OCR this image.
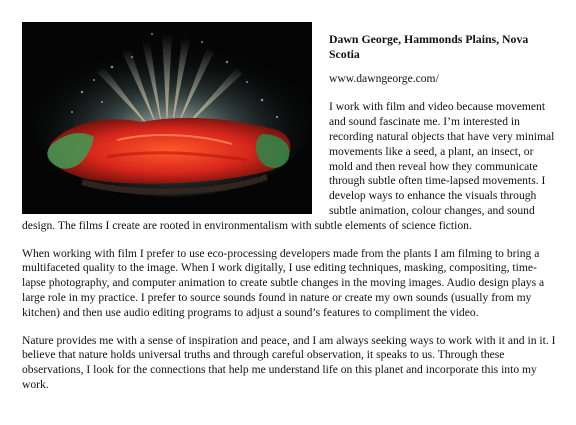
Dawn George, Hammonds Plains, Nova Scotia
www.dawngeorge.com/

I work with film and video because movement and sound fascinate me. I’m interested in recording natural objects that have very minimal movements like a seed, a plant, an insect, or mold and then reveal how they communicate through subtle often time-lapsed movements. I develop ways to enhance the visuals through subtle animation, colour changes, and sound design. The films I create are rooted in environmentalism with subtle elements of science fiction.

When working with film I prefer to use eco-processing developers made from the plants I am filming to bring a multifaceted quality to the image. When I work digitally, I use editing techniques, masking, compositing, time-lapse photography, and computer animation to create subtle changes in the moving images. Audio design plays a large role in my practice. I prefer to source sounds found in nature or create my own sounds (usually from my kitchen) and then use audio editing programs to adjust a sound’s features to compliment the video.

Nature provides me with a sense of inspiration and peace, and I am always seeking ways to work with it and in it. I believe that nature holds universal truths and through careful observation, it speaks to us. Through these observations, I look for the connections that help me understand life on this planet and incorporate this into my work.
